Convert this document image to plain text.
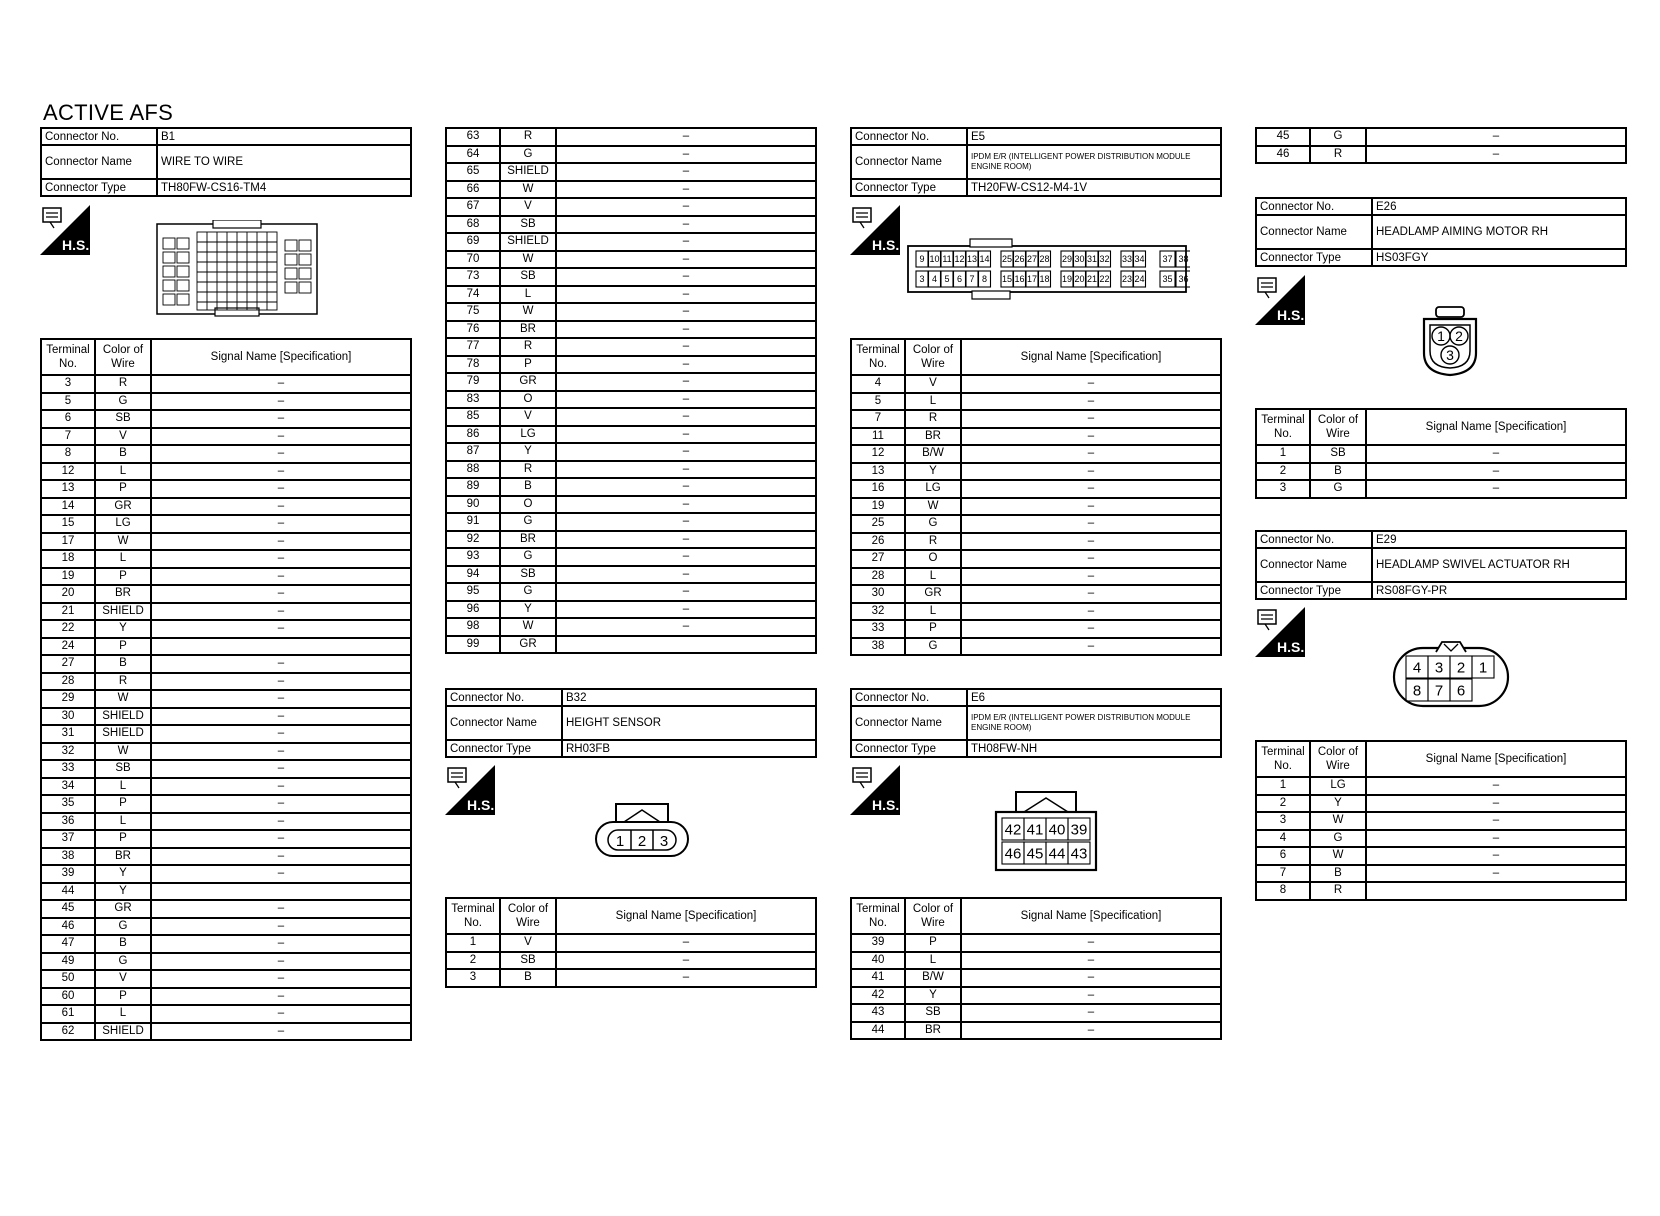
ACTIVE AFS
Connector No.	B1
Connector Name	WIRE TO WIRE
Connector Type	TH80FW-CS16-TM4
H.S.
Terminal No.	Color of Wire	Signal Name [Specification]
3	R	–
5	G	–
6	SB	–
7	V	–
8	B	–
12	L	–
13	P	–
14	GR	–
15	LG	–
17	W	–
18	L	–
19	P	–
20	BR	–
21	SHIELD	–
22	Y	–
24	P	
27	B	–
28	R	–
29	W	–
30	SHIELD	–
31	SHIELD	–
32	W	–
33	SB	–
34	L	–
35	P	–
36	L	–
37	P	–
38	BR	–
39	Y	–
44	Y	
45	GR	–
46	G	–
47	B	–
49	G	–
50	V	–
60	P	–
61	L	–
62	SHIELD	–
63	R	–
64	G	–
65	SHIELD	–
66	W	–
67	V	–
68	SB	–
69	SHIELD	–
70	W	–
73	SB	–
74	L	–
75	W	–
76	BR	–
77	R	–
78	P	–
79	GR	–
83	O	–
85	V	–
86	LG	–
87	Y	–
88	R	–
89	B	–
90	O	–
91	G	–
92	BR	–
93	G	–
94	SB	–
95	G	–
96	Y	–
98	W	–
99	GR	
Connector No.	B32
Connector Name	HEIGHT SENSOR
Connector Type	RH03FB
H.S.
1 2 3
Terminal No.	Color of Wire	Signal Name [Specification]
1	V	–
2	SB	–
3	B	–
Connector No.	E5
Connector Name	IPDM E/R (INTELLIGENT POWER DISTRIBUTION MODULE ENGINE ROOM)
Connector Type	TH20FW-CS12-M4-1V
H.S.
9
3
10
4
11
5
12
6
13
7
14
8
25
15
26
16
27
17
28
18
29
19
30
20
31
21
32
22
33
23
34
24
37
35
38
36
Terminal No.	Color of Wire	Signal Name [Specification]
4	V	–
5	L	–
7	R	–
11	BR	–
12	B/W	–
13	Y	–
16	LG	–
19	W	–
25	G	–
26	R	–
27	O	–
28	L	–
30	GR	–
32	L	–
33	P	–
38	G	–
Connector No.	E6
Connector Name	IPDM E/R (INTELLIGENT POWER DISTRIBUTION MODULE ENGINE ROOM)
Connector Type	TH08FW-NH
H.S.
42
46
41
45
40
44
39
43
Terminal No.	Color of Wire	Signal Name [Specification]
39	P	–
40	L	–
41	B/W	–
42	Y	–
43	SB	–
44	BR	–
45	G	–
46	R	–
Connector No.	E26
Connector Name	HEADLAMP AIMING MOTOR RH
Connector Type	HS03FGY
H.S.
1 2
3
Terminal No.	Color of Wire	Signal Name [Specification]
1	SB	–
2	B	–
3	G	–
Connector No.	E29
Connector Name	HEADLAMP SWIVEL ACTUATOR RH
Connector Type	RS08FGY-PR
H.S.
4 3 2 1
8 7 6
Terminal No.	Color of Wire	Signal Name [Specification]
1	LG	–
2	Y	–
3	W	–
4	G	–
6	W	–
7	B	–
8	R	
